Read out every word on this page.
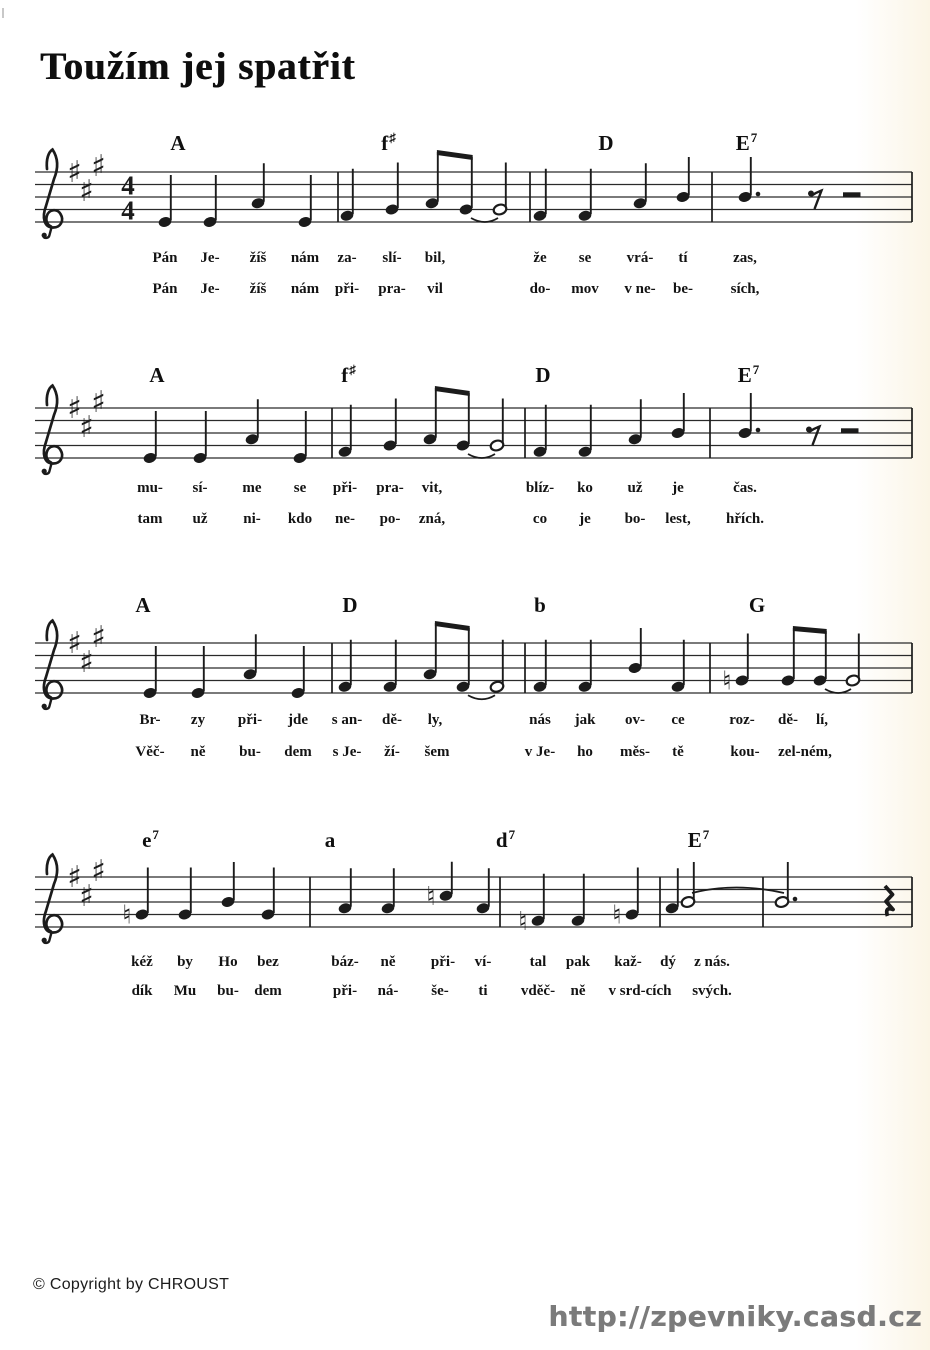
Toužím jej spatřit
♯
♯
♯
4
4
A	f♯	D	$E^7$
Pán Je- žíš nám za- slí- bil,	že se vrá- tí	zas,
Pán Je- žíš nám při- pra- vil	do- mov v ne- be-	sích,
♯
♯
♯
A	f♯	D	$E^7$
mu- sí- me se při- pra- vit,	blíz- ko už je	čas.
tam už ni- kdo ne- po- zná,	co je bo- lest, hřích.
♯
♯
♯
♮
A	D	b	G
Br- zy při- jde s an- dě- ly,	nás jak ov- ce	roz- dě- lí,
Věč- ně bu- dem s Je- ží- šem	v Je- ho měs- tě	kou- zel-ném,
♯
♯
♯
♮
♮
♮	♮
$e^7$	a	$d^7$	$E^7$
kéž by Ho bez	báz- ně při- ví-	tal pak kaž- dý z nás.
dík Mu bu- dem	při- ná- še- ti vděč- ně v srd-cích svých.
© Copyright by CHROUST
http://zpevniky.casd.cz
